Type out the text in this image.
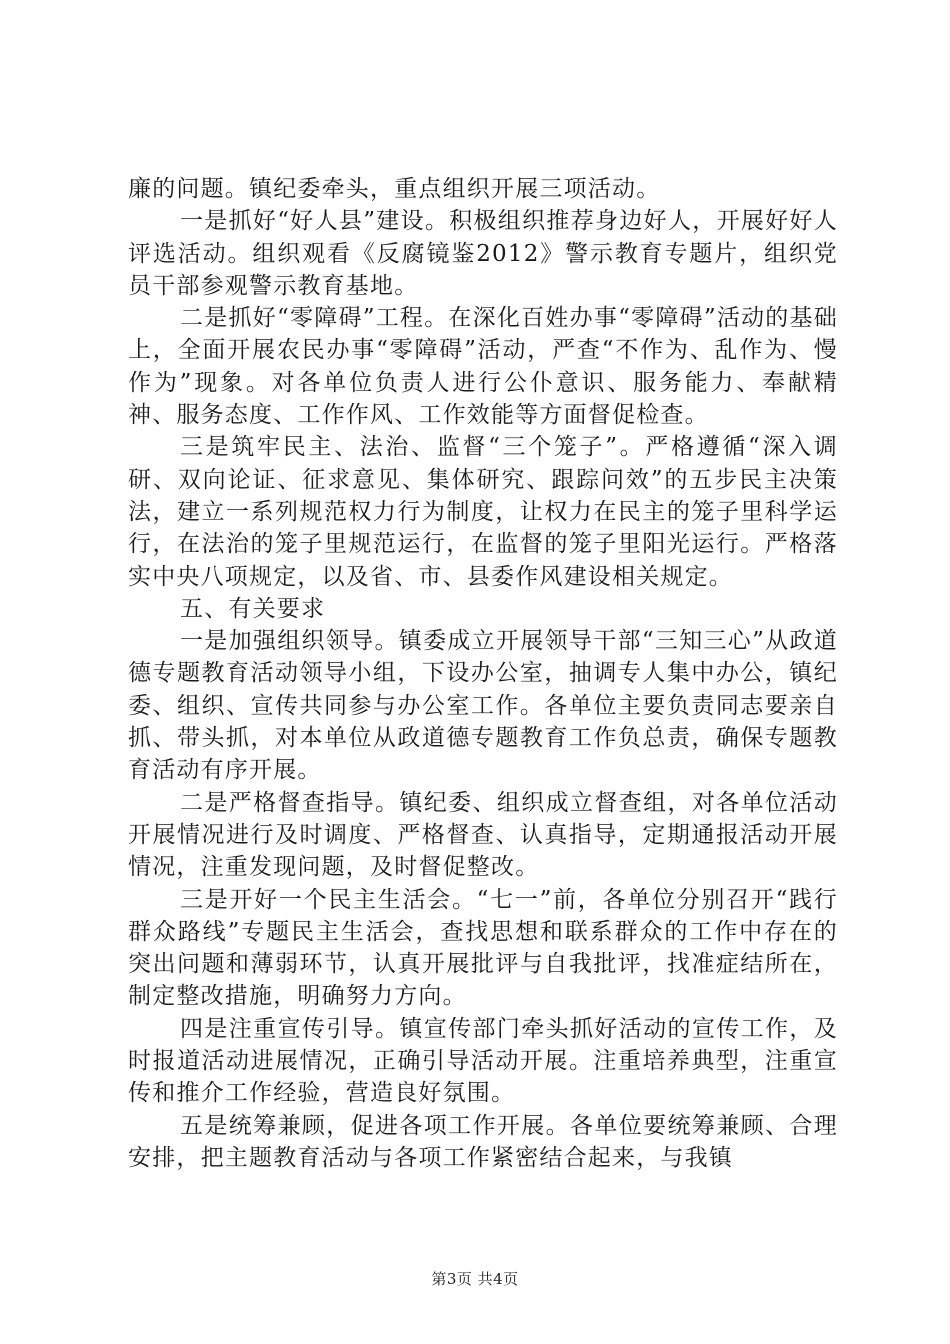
廉的问题。镇纪委牵头，重点组织开展三项活动。

一是抓好“好人县”建设。积极组织推荐身边好人，开展好好人评选活动。组织观看《反腐镜鉴2012》警示教育专题片，组织党员干部参观警示教育基地。

二是抓好“零障碍”工程。在深化百姓办事“零障碍”活动的基础上，全面开展农民办事“零障碍”活动，严查“不作为、乱作为、慢作为”现象。对各单位负责人进行公仆意识、服务能力、奉献精神、服务态度、工作作风、工作效能等方面督促检查。

三是筑牢民主、法治、监督“三个笼子”。严格遵循“深入调研、双向论证、征求意见、集体研究、跟踪问效”的五步民主决策法，建立一系列规范权力行为制度，让权力在民主的笼子里科学运行，在法治的笼子里规范运行，在监督的笼子里阳光运行。严格落实中央八项规定，以及省、市、县委作风建设相关规定。

五、有关要求

一是加强组织领导。镇委成立开展领导干部“三知三心”从政道德专题教育活动领导小组，下设办公室，抽调专人集中办公，镇纪委、组织、宣传共同参与办公室工作。各单位主要负责同志要亲自抓、带头抓，对本单位从政道德专题教育工作负总责，确保专题教育活动有序开展。

二是严格督查指导。镇纪委、组织成立督查组，对各单位活动开展情况进行及时调度、严格督查、认真指导，定期通报活动开展情况，注重发现问题，及时督促整改。

三是开好一个民主生活会。“七一”前，各单位分别召开“践行群众路线”专题民主生活会，查找思想和联系群众的工作中存在的突出问题和薄弱环节，认真开展批评与自我批评，找准症结所在，制定整改措施，明确努力方向。

四是注重宣传引导。镇宣传部门牵头抓好活动的宣传工作，及时报道活动进展情况，正确引导活动开展。注重培养典型，注重宣传和推介工作经验，营造良好氛围。

五是统筹兼顾，促进各项工作开展。各单位要统筹兼顾、合理安排，把主题教育活动与各项工作紧密结合起来，与我镇

第3页 共4页
